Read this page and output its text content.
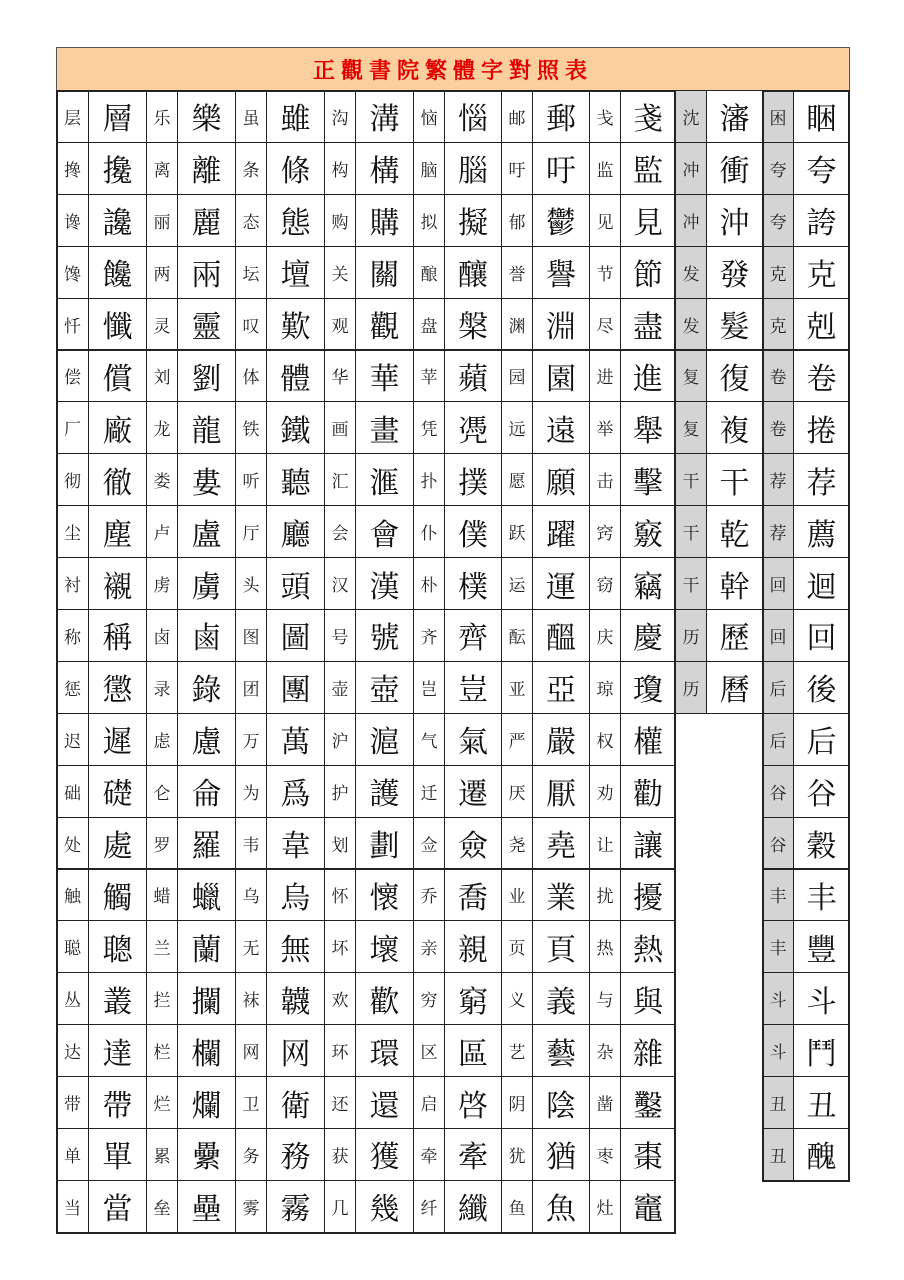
正觀書院繁體字對照表
层 層
搀 攙
谗 讒
馋 饞
忏 懺
偿 償
厂 廠
彻 徹
尘 塵
衬 襯
称 稱
惩 懲
迟 遲
础 礎
处 處
触 觸
聪 聰
丛 叢
达 達
带 帶
单 單
当 當
乐 樂
离 離
丽 麗
两 兩
灵 靈
刘 劉
龙 龍
娄 婁
卢 盧
虏 虜
卤 鹵
录 錄
虑 慮
仑 侖
罗 羅
蜡 蠟
兰 蘭
拦 攔
栏 欄
烂 爛
累 纍
垒 壘
虽 雖
条 條
态 態
坛 壇
叹 歎
体 體
铁 鐵
听 聽
厅 廳
头 頭
图 圖
团 團
万 萬
为 爲
韦 韋
乌 烏
无 無
袜 韤
网 网
卫 衛
务 務
雾 霧
沟 溝
构 構
购 購
关 關
观 觀
华 華
画 畫
汇 滙
会 會
汉 漢
号 號
壶 壺
沪 滬
护 護
划 劃
怀 懷
坏 壞
欢 歡
环 環
还 還
获 獲
几 幾
恼 惱
脑 腦
拟 擬
酿 釀
盘 槃
苹 蘋
凭 凴
扑 撲
仆 僕
朴 樸
齐 齊
岂 豈
气 氣
迁 遷
佥 僉
乔 喬
亲 親
穷 窮
区 區
启 啓
牵 牽
纤 纖
邮 郵
吁 吁
郁 鬱
誉 譽
渊 淵
园 園
远 遠
愿 願
跃 躍
运 運
酝 醞
亚 亞
严 嚴
厌 厭
尧 堯
业 業
页 頁
义 義
艺 藝
阴 陰
犹 猶
鱼 魚
戋 戔
监 監
见 見
节 節
尽 盡
进 進
举 舉
击 擊
窍 竅
窃 竊
庆 慶
琼 瓊
权 權
劝 勸
让 讓
扰 擾
热 熱
与 與
杂 雜
凿 鑿
枣 棗
灶 竈
沈 瀋
冲 衝
冲 沖
发 發
发 髮
复 復
复 複
干 干
干 乾
干 幹
历 歷
历 曆
困 睏
夸 夸
夸 誇
克 克
克 剋
卷 卷
卷 捲
荐 荐
荐 薦
回 迴
回 回
后 後
后 后
谷 谷
谷 穀
丰 丰
丰 豐
斗 斗
斗 鬥
丑 丑
丑 醜
